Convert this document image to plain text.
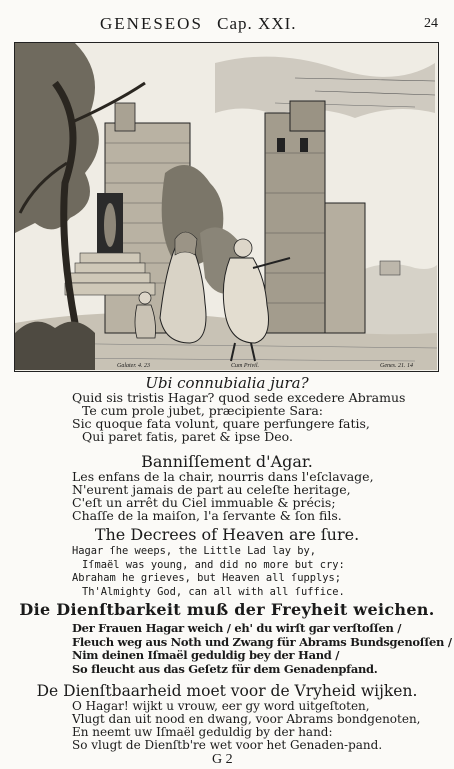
GENESEOS Cap. XXI.	24
Galater. 4. 23	Cum Privil.	Genes. 21. 14
Ubi connubialia jura?
Quid sis tristis Hagar? quod sede excedere Abramus
Te cum prole jubet, præcipiente Sara:
Sic quoque fata volunt, quare perfungere fatis,
Qui paret fatis, paret & ipse Deo.
Banniſſement d'Agar.
Les enfans de la chair, nourris dans l'eſclavage,
N'eurent jamais de part au celeſte heritage,
C'eſt un arrêt du Ciel immuable & précis;
Chaſſe de la maiſon, l'a ſervante & ſon fils.
The Decrees of Heaven are ſure.
Hagar ſhe weeps, the Little Lad lay by,
Iſmaël was young, and did no more but cry:
Abraham he grieves, but Heaven all ſupplys;
Th'Almighty God, can all with all ſuffice.
Die Dienſtbarkeit muß der Freyheit weichen.
Der Frauen Hagar weich / eh' du wirſt gar verſtoſſen /
Fleuch weg aus Noth und Zwang für Abrams Bundsgenoſſen /
Nim deinen Iſmaël geduldig bey der Hand /
So fleucht aus das Geſetz für dem Genadenpfand.
De Dienſtbaarheid moet voor de Vryheid wijken.
O Hagar! wijkt u vrouw, eer gy word uitgeſtoten,
Vlugt dan uit nood en dwang, voor Abrams bondgenoten,
En neemt uw Iſmaël geduldig by der hand:
So vlugt de Dienſtb're wet voor het Genaden-pand.
G 2
